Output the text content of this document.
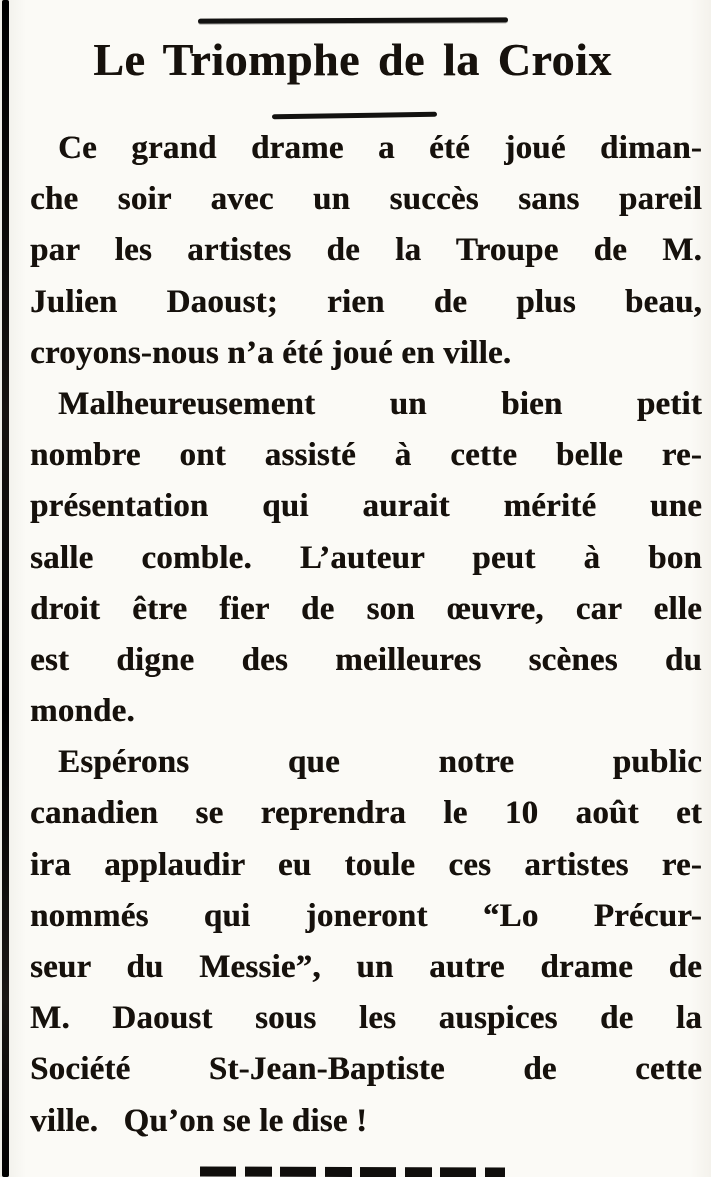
Le Triomphe de la Croix
Ce grand drame a été joué diman-
che soir avec un succès sans pareil
par les artistes de la Troupe de M.
Julien Daoust; rien de plus beau,
croyons-nous n’a été joué en ville.
Malheureusement un bien petit
nombre ont assisté à cette belle re-
présentation qui aurait mérité une
salle comble. L’auteur peut à bon
droit être fier de son œuvre, car elle
est digne des meilleures scènes du
monde.
Espérons que notre public
canadien se reprendra le 10 août et
ira applaudir eu toule ces artistes re-
nommés qui joneront “Lo Précur-
seur du Messie”, un autre drame de
M. Daoust sous les auspices de la
Société St-Jean-Baptiste de cette
ville.   Qu’on se le dise !
